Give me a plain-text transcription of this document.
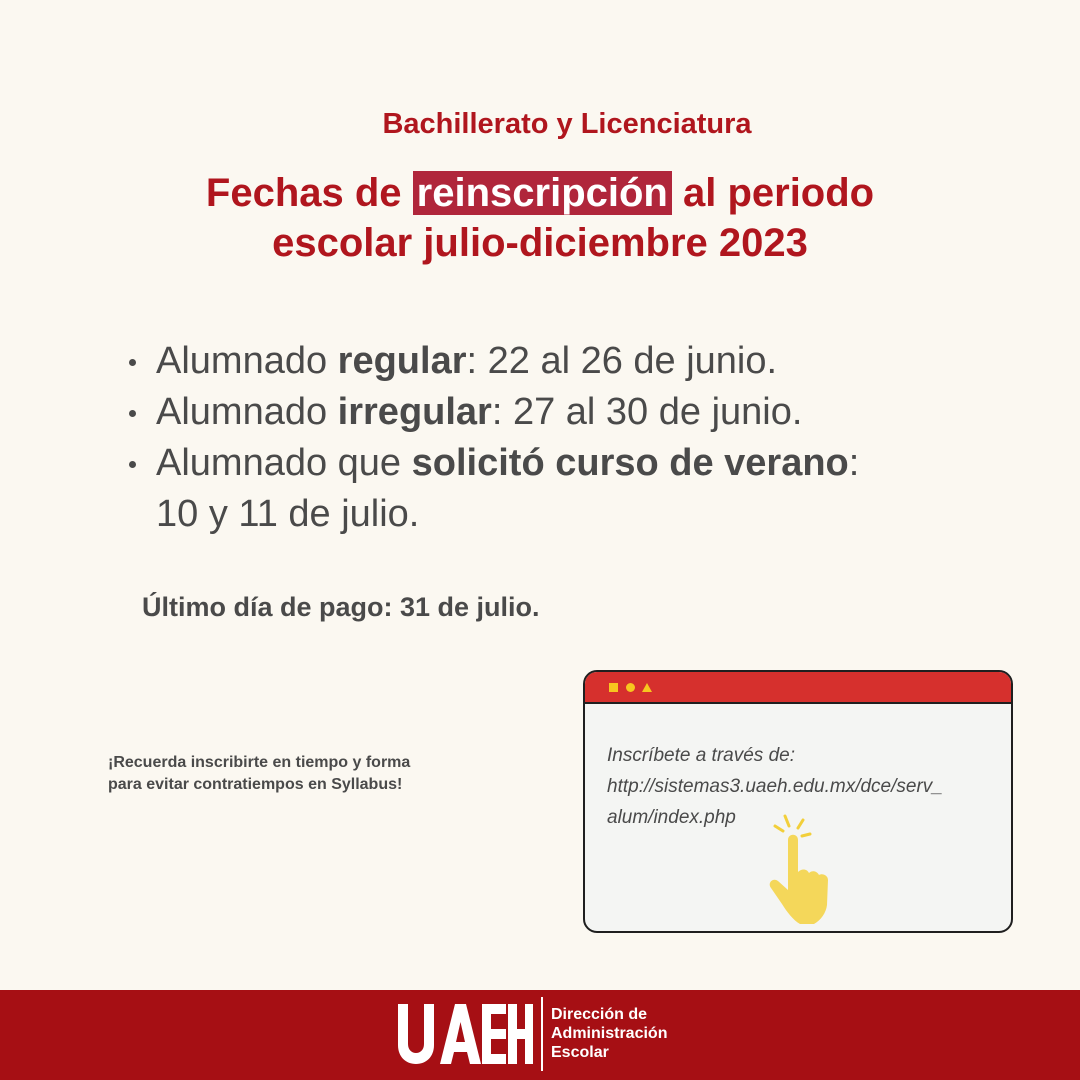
Bachillerato y Licenciatura
Fechas de reinscripción al periodo
escolar julio-diciembre 2023
Alumnado regular: 22 al 26 de junio.
Alumnado irregular: 27 al 30 de junio.
Alumnado que solicitó curso de verano: 10 y 11 de julio.
Último día de pago: 31 de julio.
¡Recuerda inscribirte en tiempo y forma
para evitar contratiempos en Syllabus!
Inscríbete a través de:
http://sistemas3.uaeh.edu.mx/dce/serv_
alum/index.php
Dirección de
Administración
Escolar
